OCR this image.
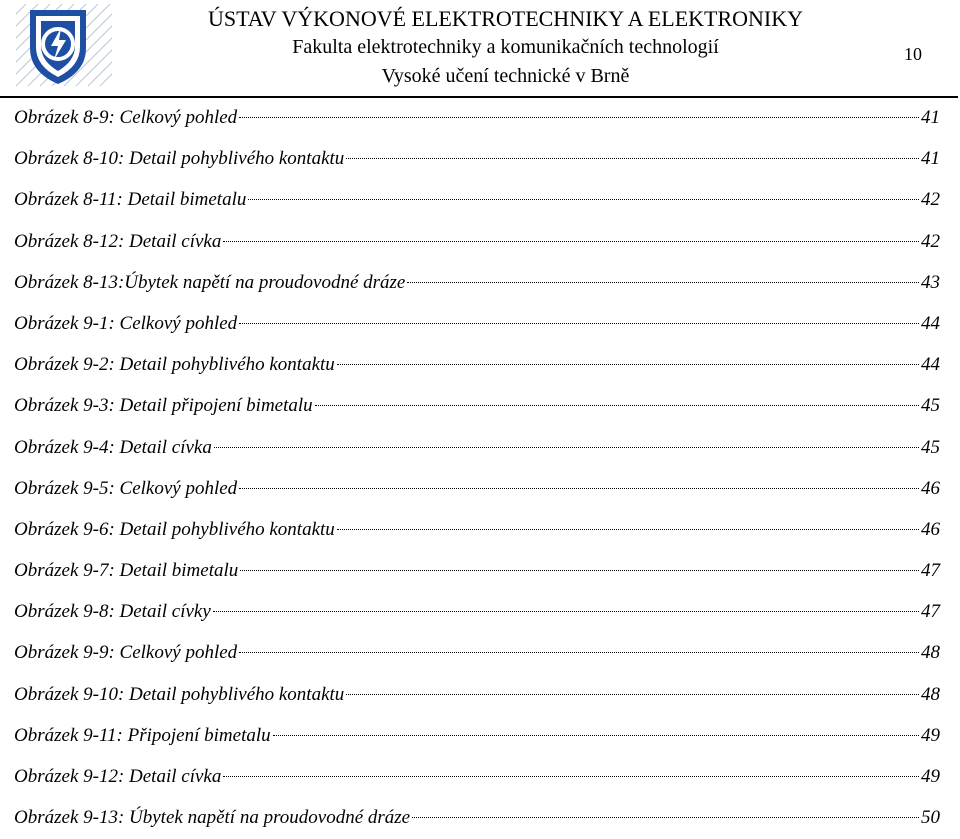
ÚSTAV VÝKONOVÉ ELEKTROTECHNIKY A ELEKTRONIKY
Fakulta elektrotechniky a komunikačních technologií
Vysoké učení technické v Brně
10
Obrázek 8-9: Celkový pohled	41
Obrázek 8-10: Detail pohyblivého kontaktu	41
Obrázek 8-11: Detail bimetalu	42
Obrázek 8-12: Detail cívka	42
Obrázek 8-13:Úbytek napětí na proudovodné dráze	43
Obrázek 9-1: Celkový pohled	44
Obrázek 9-2: Detail pohyblivého kontaktu	44
Obrázek 9-3: Detail připojení bimetalu	45
Obrázek 9-4: Detail cívka	45
Obrázek 9-5: Celkový pohled	46
Obrázek 9-6: Detail pohyblivého kontaktu	46
Obrázek 9-7: Detail bimetalu	47
Obrázek 9-8: Detail cívky	47
Obrázek 9-9: Celkový pohled	48
Obrázek 9-10: Detail pohyblivého kontaktu	48
Obrázek 9-11: Připojení bimetalu	49
Obrázek 9-12: Detail cívka	49
Obrázek 9-13: Úbytek napětí na proudovodné dráze	50
